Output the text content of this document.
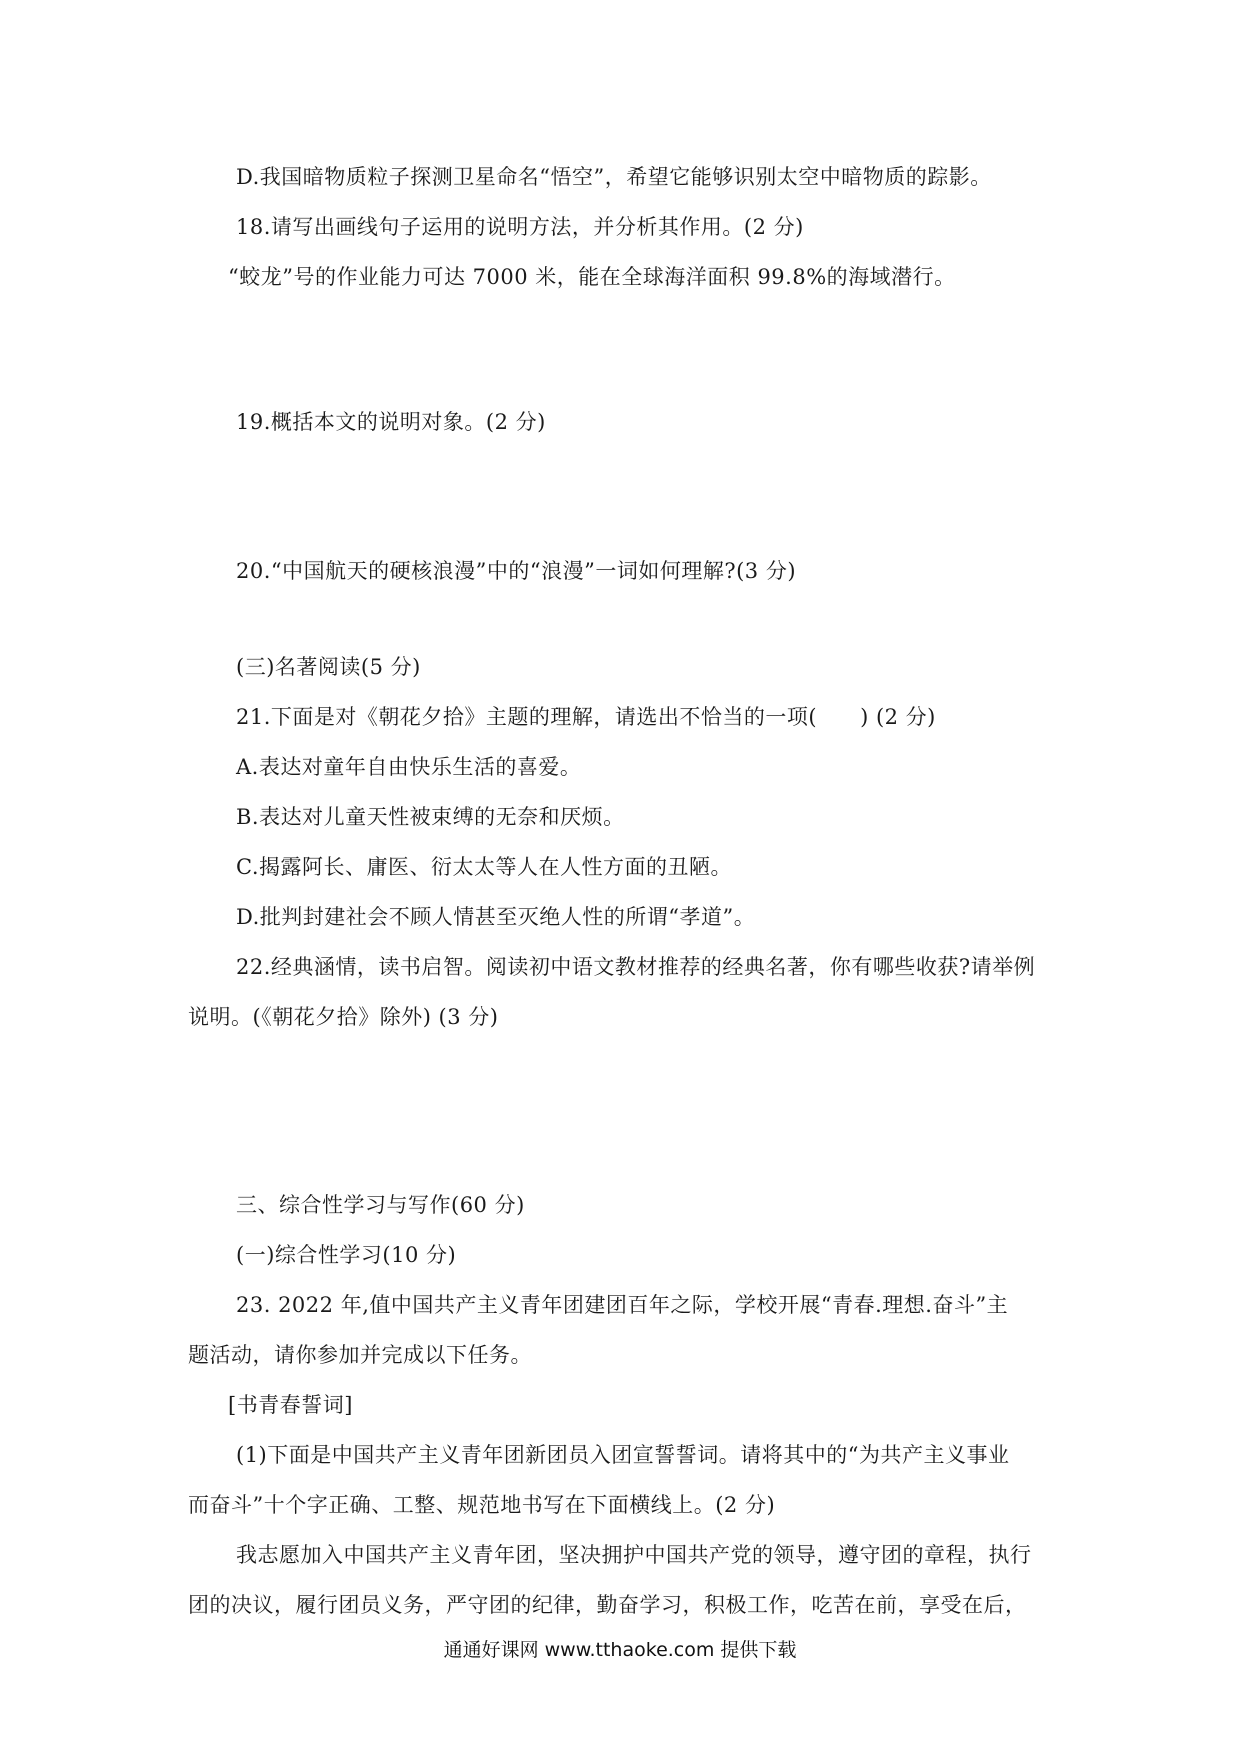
D.我国暗物质粒子探测卫星命名“悟空”，希望它能够识别太空中暗物质的踪影。
18.请写出画线句子运用的说明方法，并分析其作用。(2 分)
“蛟龙”号的作业能力可达 7000 米，能在全球海洋面积 99.8%的海域潜行。
19.概括本文的说明对象。(2 分)
20.“中国航天的硬核浪漫”中的“浪漫”一词如何理解?(3 分)
(三)名著阅读(5 分)
21.下面是对《朝花夕拾》主题的理解，请选出不恰当的一项(　　) (2 分)
A.表达对童年自由快乐生活的喜爱。
B.表达对儿童天性被束缚的无奈和厌烦。
C.揭露阿长、庸医、衍太太等人在人性方面的丑陋。
D.批判封建社会不顾人情甚至灭绝人性的所谓“孝道”。
22.经典涵情，读书启智。阅读初中语文教材推荐的经典名著，你有哪些收获?请举例
说明。(《朝花夕拾》除外) (3 分)
三、综合性学习与写作(60 分)
(一)综合性学习(10 分)
23. 2022 年,值中国共产主义青年团建团百年之际，学校开展“青春.理想.奋斗”主
题活动，请你参加并完成以下任务。
[书青春誓词]
(1)下面是中国共产主义青年团新团员入团宣誓誓词。请将其中的“为共产主义事业
而奋斗”十个字正确、工整、规范地书写在下面横线上。(2 分)
我志愿加入中国共产主义青年团，坚决拥护中国共产党的领导，遵守团的章程，执行
团的决议，履行团员义务，严守团的纪律，勤奋学习，积极工作，吃苦在前，享受在后，
通通好课网 www.tthaoke.com 提供下载
